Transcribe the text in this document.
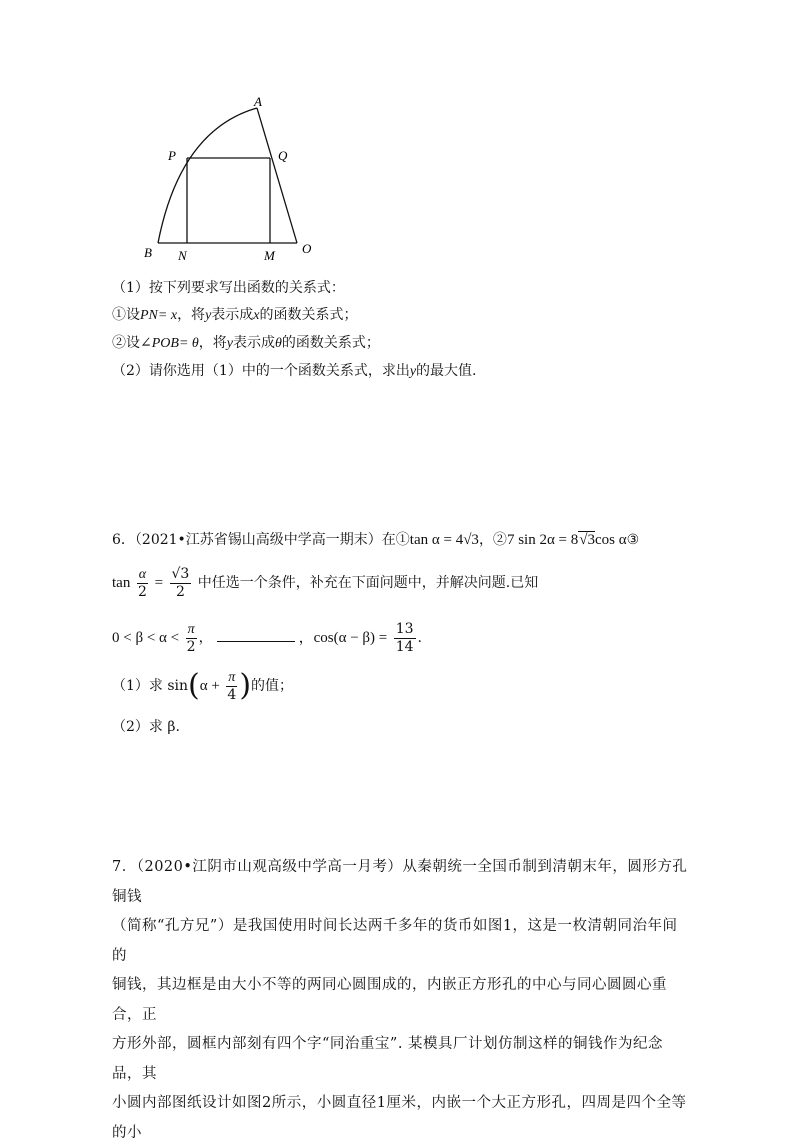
A
P	Q
B N	M O
（1）按下列要求写出函数的关系式：
①设PN= x，将y表示成x的函数关系式；
②设∠POB= θ，将y表示成θ的函数关系式；
（2）请你选用（1）中的一个函数关系式，求出y的最大值.
6．（2021•江苏省锡山高级中学高一期末）在①tan α = 4√3，②7 sin 2α = 8√3cos α③
$\tan \frac{\alpha}{2} = \frac{√3}{2}$ 中任选一个条件，补充在下面问题中，并解决问题.已知
$0 < \beta < \alpha < \frac{\pi}{2}$ ，	，$\cos(\alpha - \beta) = \frac{13}{14}$ .
（1）求 $\sin(\alpha + \frac{\pi}{4}$ )的值；
（2）求 β.
7．（2020•江阴市山观高级中学高一月考）从秦朝统一全国币制到清朝末年，圆形方孔铜钱
（简称“孔方兄”）是我国使用时间长达两千多年的货币如图1，这是一枚清朝同治年间的
铜钱，其边框是由大小不等的两同心圆围成的，内嵌正方形孔的中心与同心圆圆心重合，正
方形外部，圆框内部刻有四个字“同治重宝”. 某模具厂计划仿制这样的铜钱作为纪念品，其
小圆内部图纸设计如图2所示，小圆直径1厘米，内嵌一个大正方形孔，四周是四个全等的小
